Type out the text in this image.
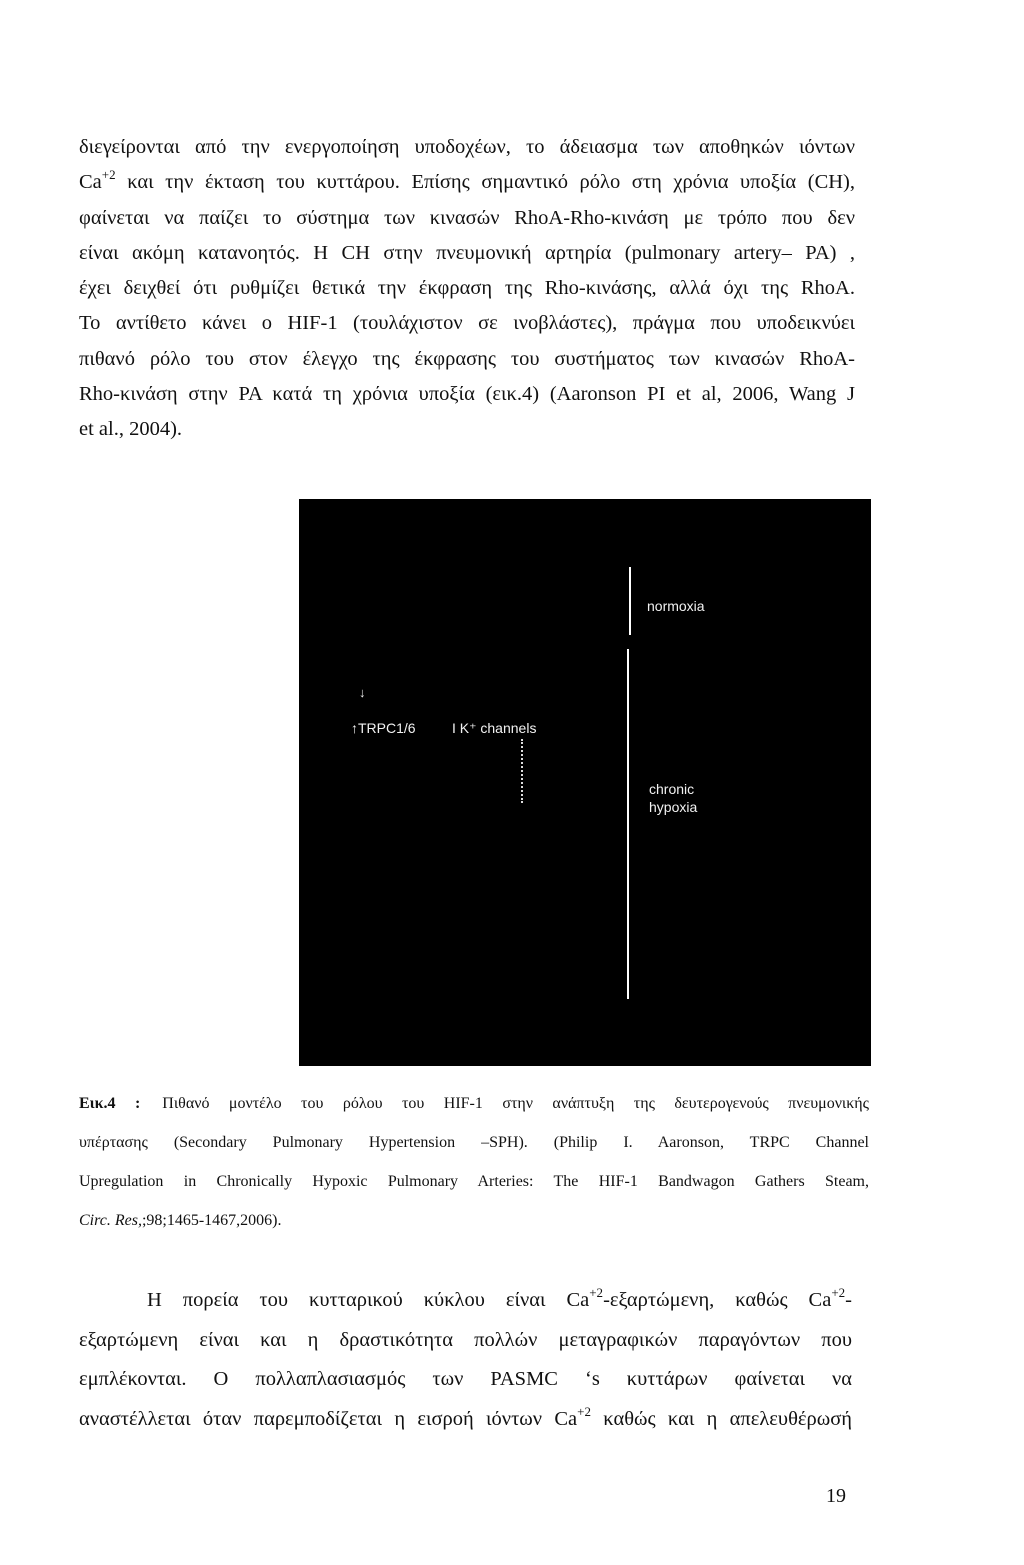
διεγείρονται από την ενεργοποίηση υποδοχέων, το άδειασμα των αποθηκών ιόντων
$Ca^{+2}$ και την έκταση του κυττάρου. Επίσης σημαντικό ρόλο στη χρόνια υποξία (CH),
φαίνεται να παίζει το σύστημα των κινασών RhoA-Rho-κινάση με τρόπο που δεν
είναι ακόμη κατανοητός. Η CH στην πνευμονική αρτηρία (pulmonary artery– PA) ,
έχει δειχθεί ότι ρυθμίζει θετικά την έκφραση της Rho-κινάσης, αλλά όχι της RhoA.
Το αντίθετο κάνει ο HIF-1 (τουλάχιστον σε ινοβλάστες), πράγμα που υποδεικνύει
πιθανό ρόλο του στον έλεγχο της έκφρασης του συστήματος των κινασών RhoA-
Rho-κινάση στην PA κατά τη χρόνια υποξία (εικ.4) (Aaronson PI et al, 2006, Wang J
et al., 2004).
normoxia
↓
↑TRPC1/6	I K⁺ channels
chronic
hypoxia
Εικ.4 : Πιθανό μοντέλο του ρόλου του HIF-1 στην ανάπτυξη της δευτερογενούς πνευμονικής
υπέρτασης (Secondary Pulmonary Hypertension –SPH). (Philip I. Aaronson, TRPC Channel
Upregulation in Chronically Hypoxic Pulmonary Arteries: The HIF-1 Bandwagon Gathers Steam,
Circ. Res,;98;1465-1467,2006).
Η πορεία του κυτταρικού κύκλου είναι $Ca^{+2}$-εξαρτώμενη, καθώς $Ca^{+2}-$
εξαρτώμενη είναι και η δραστικότητα πολλών μεταγραφικών παραγόντων που
εμπλέκονται. Ο πολλαπλασιασμός των PASMC ‘s κυττάρων φαίνεται να
αναστέλλεται όταν παρεμποδίζεται η εισροή ιόντων $Ca^{+2}$ καθώς και η απελευθέρωσή
19
